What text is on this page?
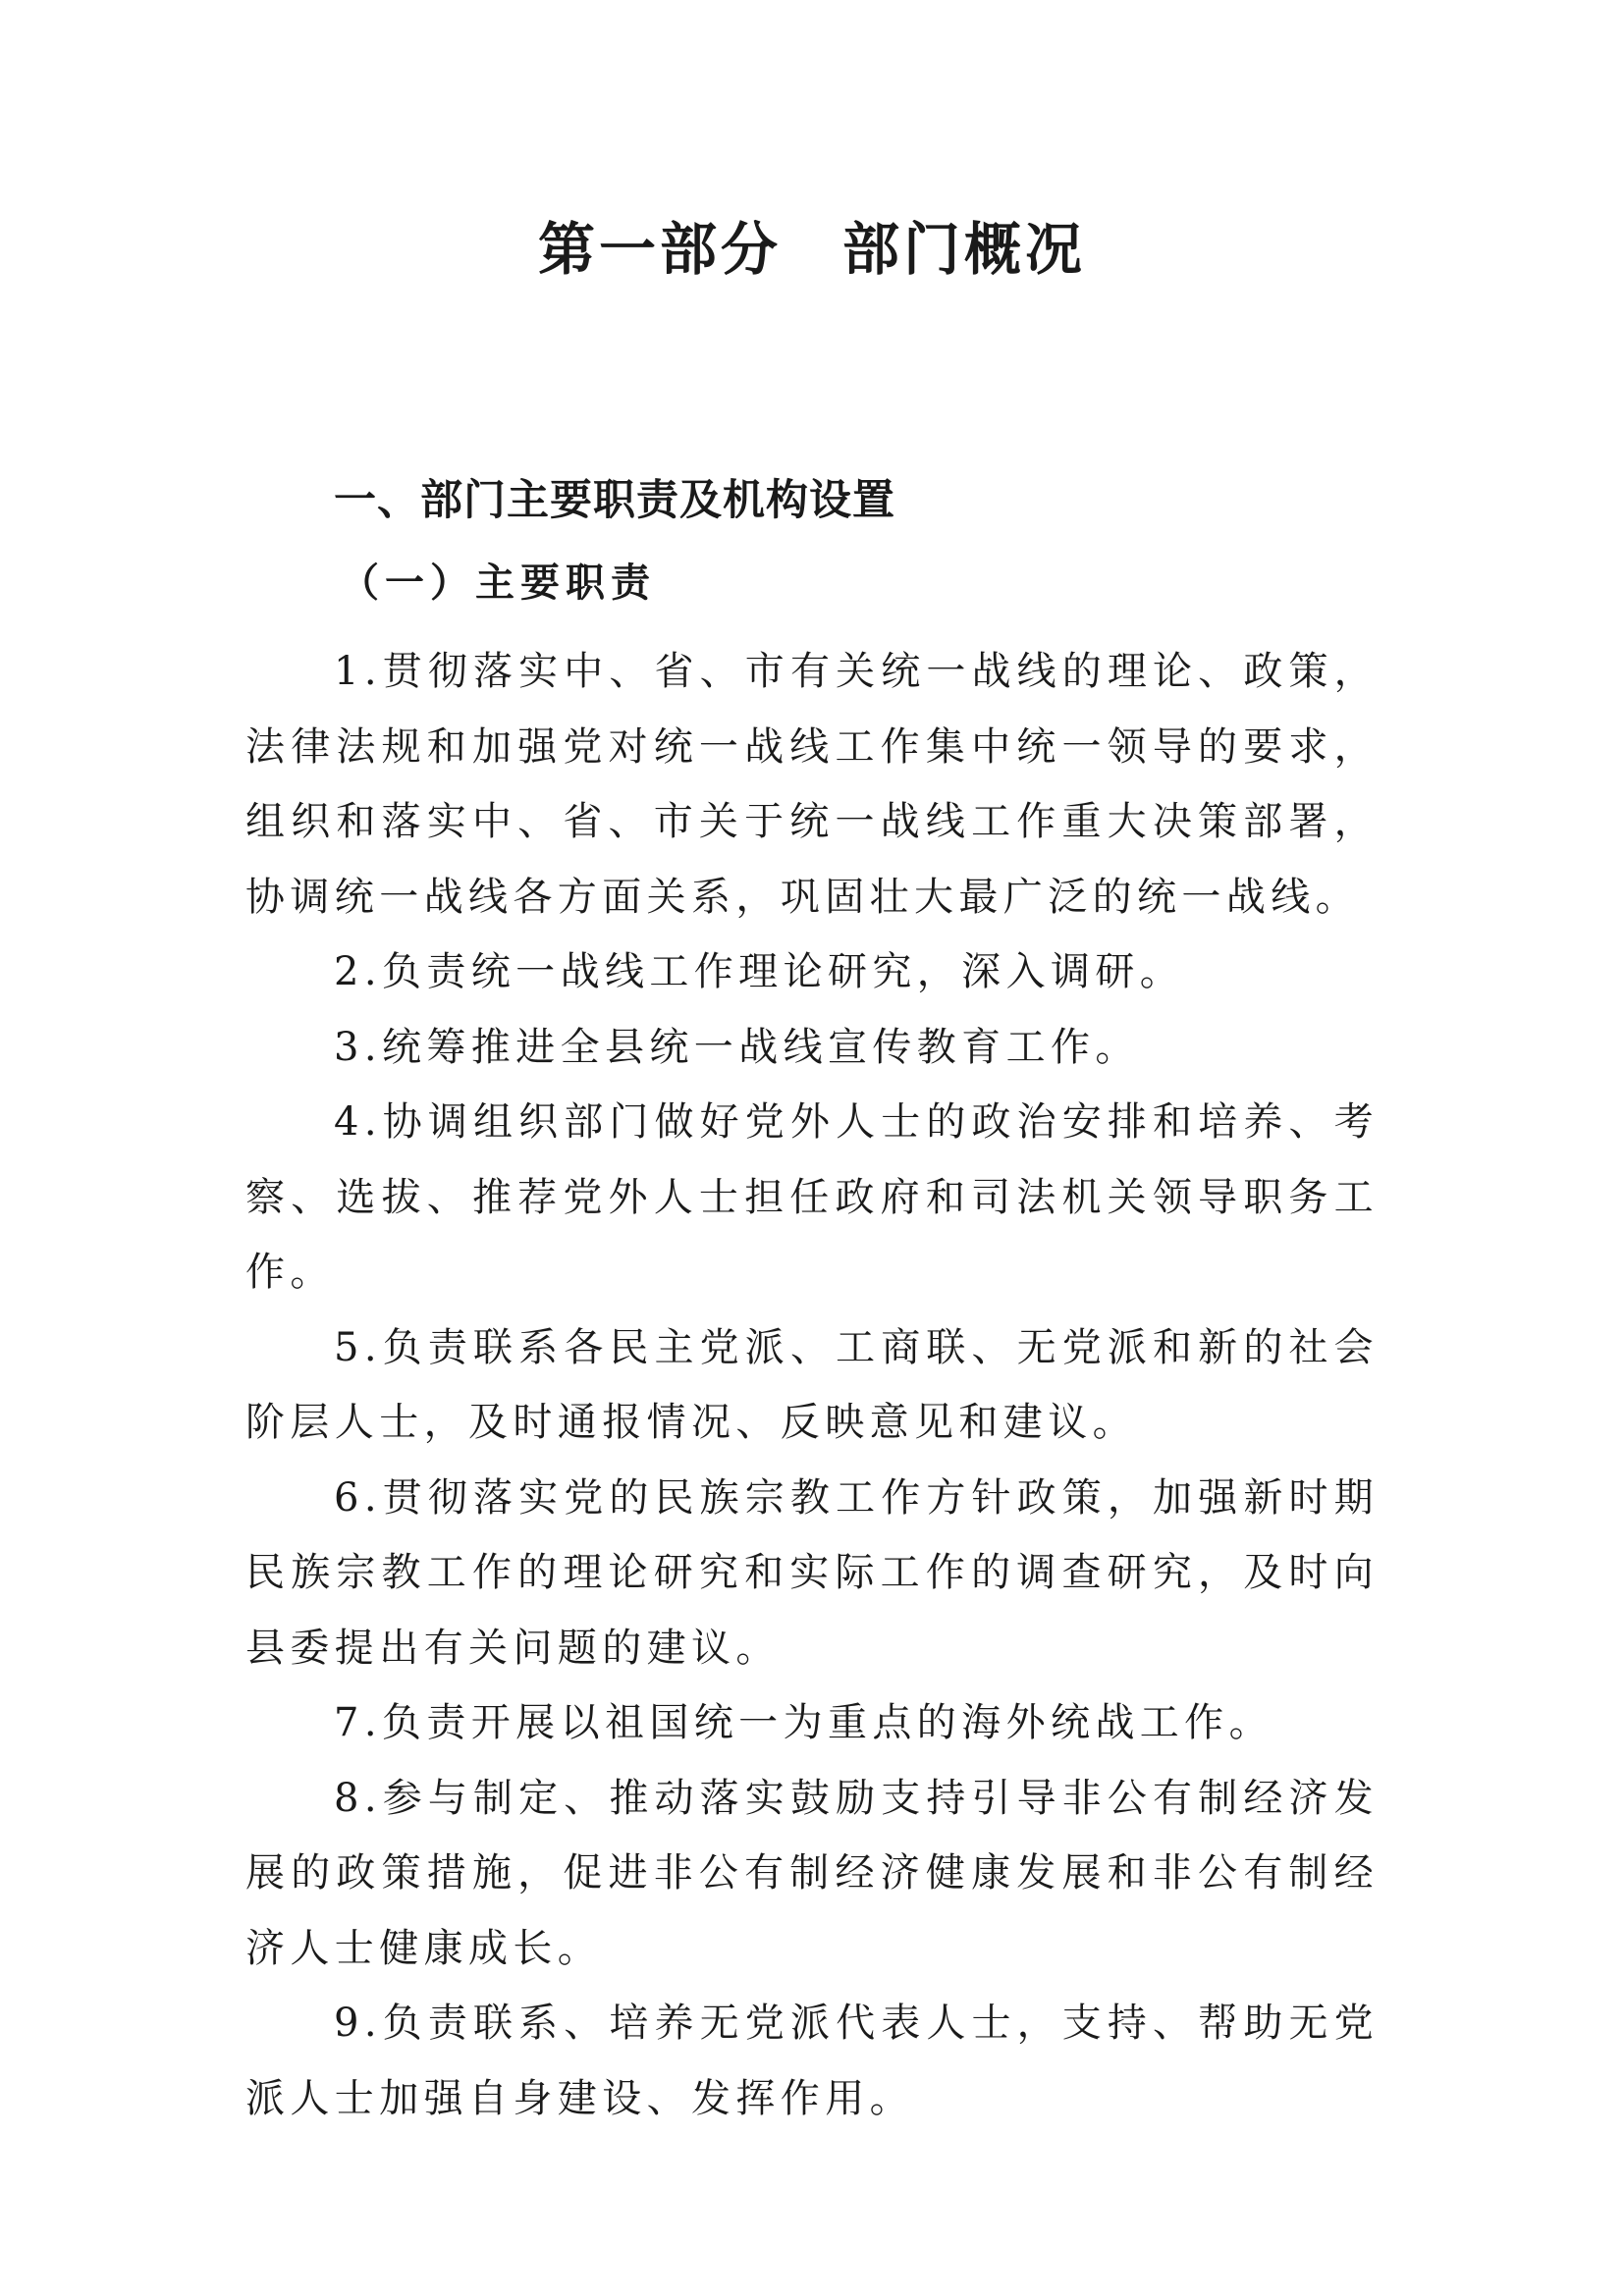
第一部分　部门概况
一、部门主要职责及机构设置
（一）主要职责
1.贯彻落实中、省、市有关统一战线的理论、政策，法律法规和加强党对统一战线工作集中统一领导的要求，组织和落实中、省、市关于统一战线工作重大决策部署，协调统一战线各方面关系，巩固壮大最广泛的统一战线。
2.负责统一战线工作理论研究，深入调研。
3.统筹推进全县统一战线宣传教育工作。
4.协调组织部门做好党外人士的政治安排和培养、考察、选拔、推荐党外人士担任政府和司法机关领导职务工作。
5.负责联系各民主党派、工商联、无党派和新的社会阶层人士，及时通报情况、反映意见和建议。
6.贯彻落实党的民族宗教工作方针政策，加强新时期民族宗教工作的理论研究和实际工作的调查研究，及时向县委提出有关问题的建议。
7.负责开展以祖国统一为重点的海外统战工作。
8.参与制定、推动落实鼓励支持引导非公有制经济发展的政策措施，促进非公有制经济健康发展和非公有制经济人士健康成长。
9.负责联系、培养无党派代表人士，支持、帮助无党派人士加强自身建设、发挥作用。
